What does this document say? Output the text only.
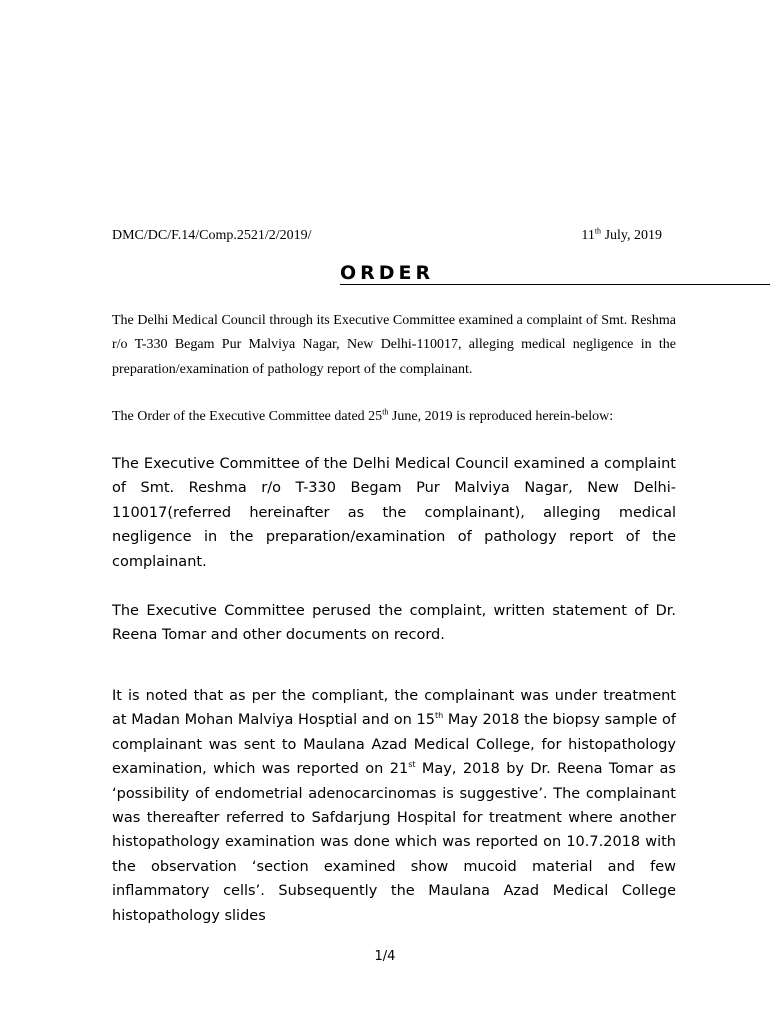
DMC/DC/F.14/Comp.2521/2/2019/	11th July, 2019
ORDER

The Delhi Medical Council through its Executive Committee examined a complaint of Smt. Reshma r/o T-330 Begam Pur Malviya Nagar, New Delhi-110017, alleging medical negligence in the preparation/examination of pathology report of the complainant.

The Order of the Executive Committee dated 25th June, 2019 is reproduced herein-below:

The Executive Committee of the Delhi Medical Council examined a complaint of Smt. Reshma r/o T-330 Begam Pur Malviya Nagar, New Delhi-110017(referred hereinafter as the complainant), alleging medical negligence in the preparation/examination of pathology report of the complainant.

The Executive Committee perused the complaint, written statement of Dr. Reena Tomar and other documents on record.

It is noted that as per the compliant, the complainant was under treatment at Madan Mohan Malviya Hosptial and on 15th May 2018 the biopsy sample of complainant was sent to Maulana Azad Medical College, for histopathology examination, which was reported on 21st May, 2018 by Dr. Reena Tomar as ‘possibility of endometrial adenocarcinomas is suggestive’. The complainant was thereafter referred to Safdarjung Hospital for treatment where another histopathology examination was done which was reported on 10.7.2018 with the observation ‘section examined show mucoid material and few inflammatory cells’. Subsequently the Maulana Azad Medical College histopathology slides

1/4
